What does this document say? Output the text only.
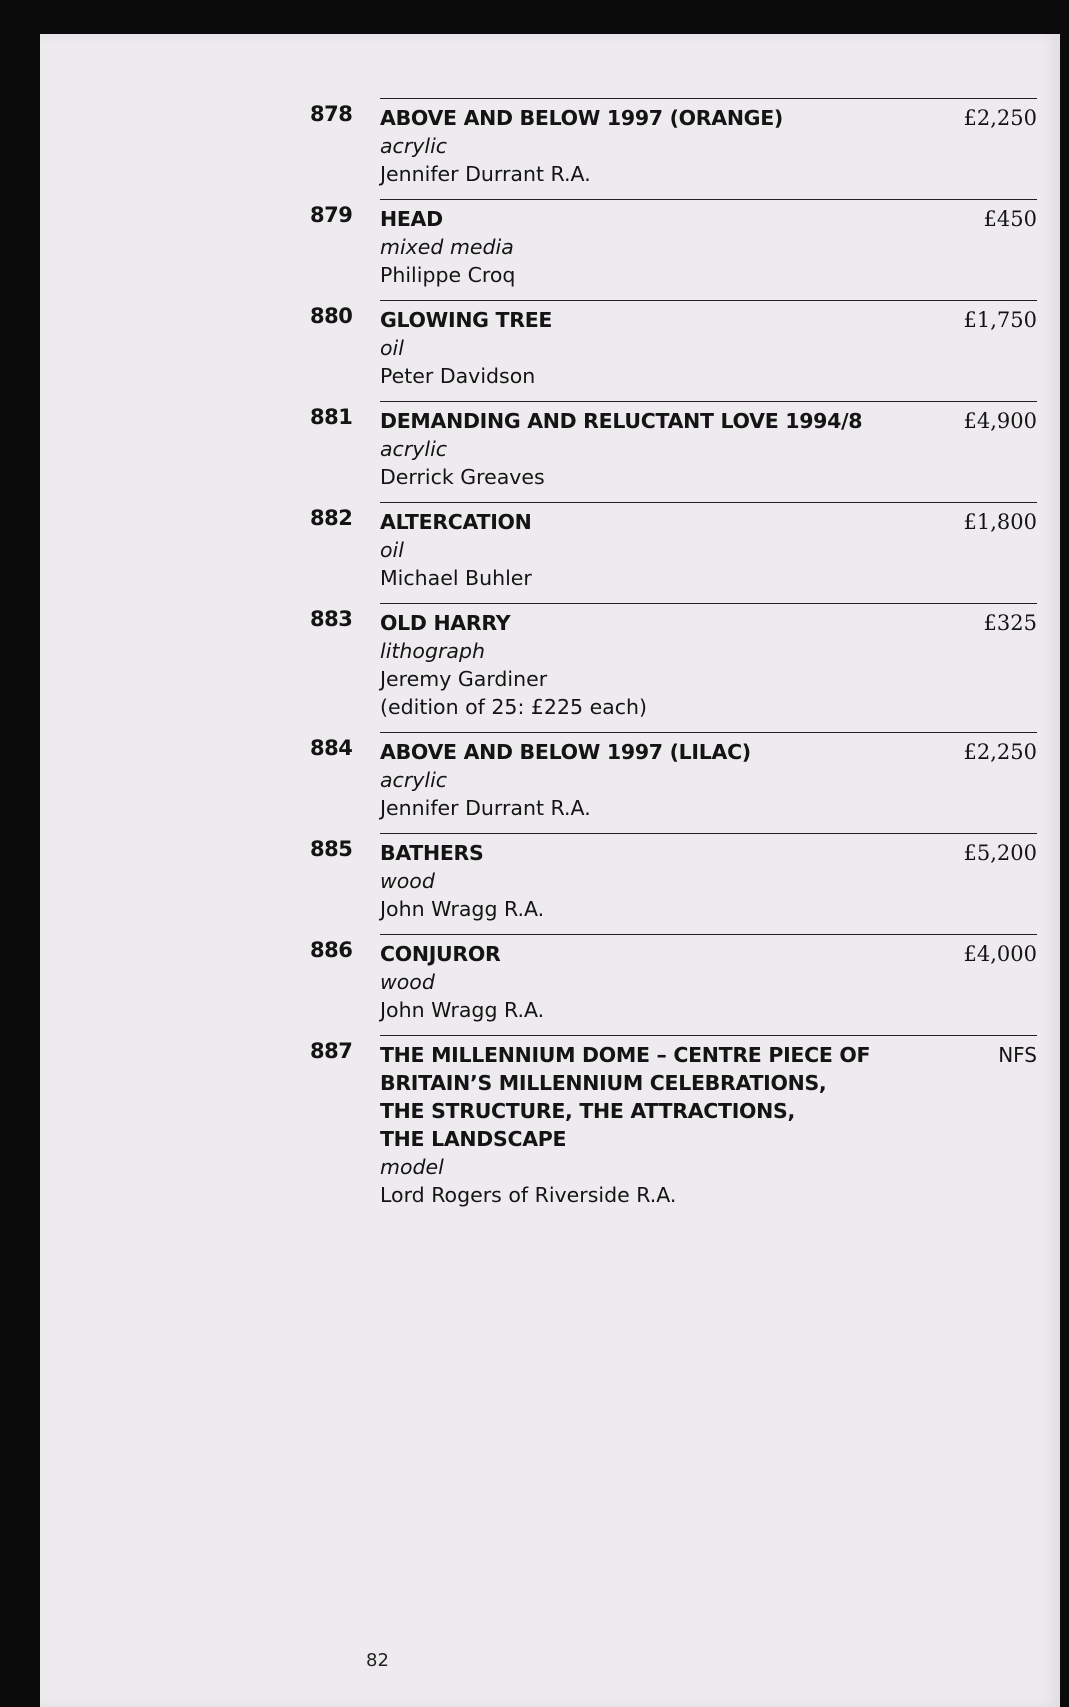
878	ABOVE AND BELOW 1997 (ORANGE)
acrylic
Jennifer Durrant R.A.
£2,250
879	HEAD
mixed media
Philippe Croq
£450
880	GLOWING TREE
oil
Peter Davidson
£1,750
881	DEMANDING AND RELUCTANT LOVE 1994/8
acrylic
Derrick Greaves
£4,900
882	ALTERCATION
oil
Michael Buhler
£1,800
883	OLD HARRY
lithograph
Jeremy Gardiner
(edition of 25: £225 each)
£325
884	ABOVE AND BELOW 1997 (LILAC)
acrylic
Jennifer Durrant R.A.
£2,250
885	BATHERS
wood
John Wragg R.A.
£5,200
886	CONJUROR
wood
John Wragg R.A.
£4,000
887	THE MILLENNIUM DOME – CENTRE PIECE OF
BRITAIN’S MILLENNIUM CELEBRATIONS,
THE STRUCTURE, THE ATTRACTIONS,
THE LANDSCAPE
model
Lord Rogers of Riverside R.A.
NFS
82
